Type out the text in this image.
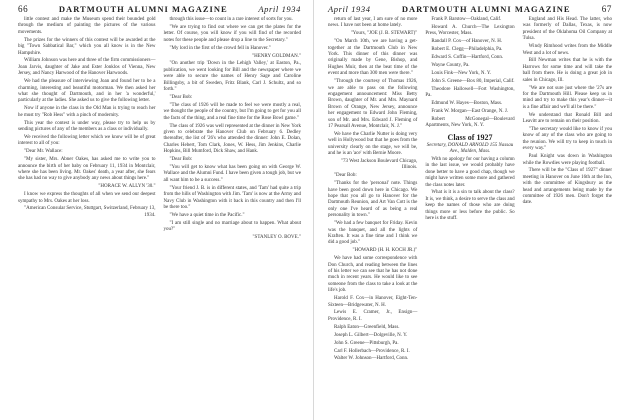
66	DARTMOUTH ALUMNI MAGAZINE	April 1934

little contest and make the Museum spend their bounded gold through the medium of painting the pictures of the various movements.

The prizes for the winners of this contest will be awarded at the big "Town Sabbatical Bar," which you all know is in the New Hampshire.

William Johnson was here and three of the firm commissioners—Joan Jarvis, daughter of Jake and Ester Jonklos of Vienna, New Jersey, and Nancy Harwood of the Hanover Harwoods.

We had the pleasure of interviewing Joan and found her to be a charming, interesting and beautiful motorman. We then asked her what she thought of Dartmouth, and in her 'a wonderful,' particularly at the ladies. She asked us to give the following letter.

Now if anyone in the class in the Old Man is trying to reach her he must try "Rob Hess" with a pinch of modernity.

This year the contest is under way, please try to help us by sending pictures of any of the members as a class or individually.

We received the following letter which we know will be of great interest to all of you:

"Dear Mr. Wallace:

"My sister, Mrs. Abner Oakes, has asked me to write you to announce the birth of her baby on February 11, 1934 in Montclair, where she has been living. Mr. Oakes' death, a year after, she fears she has had no way to give anybody any news about things here."

"HORACE W. ALLYN '30."

I know we express the thoughts of all when we send our deepest sympathy to Mrs. Oakes at her loss.

"American Consular Service, Stuttgart, Switzerland, February 13, 1934.

through this issue—to count in a rare interest of sorts for you.

"We are trying to find out where we can get the plates for the letter. Of course, you will know if you will find of the recorded notes for these people and please drop a line to the Secretary."

"My lord in the first of the crowd fell in Hanover."

"HENRY GOLDMAN."

"On another trip 'Down in the Lehigh Valley,' at Easton, Pa., publication, we went looking for Bill and the newspaper where we were able to secure the names of Henry Sage and Caroline Billingsby, a bit of Sweden, Fritz Blank, Carl J. Schultz, and so forth."

"Dear Bob:

"The class of 1926 will be made to feel we were mostly a real, we thought the people of the country, but I'm going to get for you all the facts of the thing, and a real fine time for the Rose Bowl game."

The class of 1926 was well represented at the dinner in New York given to celebrate the Hanover Club on February 6. Dedley thereafter, the list of '26's who attended the dinner: John E. Dolan, Charles Hebert, Tom Clark, Jones, W. Hess, Jim Jenkins, Charlie Hopkins, Bill Mumford, Dick Shaw, and Hank.

"Dear Bob:

"You will get to know what has been going on with George W. Wallace and the Alumni Fund. I have been given a tough job, but we all want him to be a success."

"Your friend J. B. is in different states, and 'Tam' had quite a trip from the hills of Washington with Jim. 'Tam' is now at the Army and Navy Club in Washington with it back in this country and then I'll be there too."

"We have a quiet time in the Pacific."

"I am still single and no marriage about to happen. What about you?"

"STANLEY O. BOVE."

April 1934	DARTMOUTH ALUMNI MAGAZINE	67

return of last year, I am sure of no more news. I have not been at home lately.

"Yours, "JOE (J. B. STEWART)"

"On March 10th, we are having a get-together at the Dartmouth Club in New York. This dinner of this dinner was originally made by Gene, Bishop, and Hughes Muir, then at the beat time of the event and more than 300 men were there."

"Through the courtesy of Thomas 1926, we are able to pass on the following engagement announcement: Miss Betty Brown, daughter of Mr. and Mrs. Maynard Brown of Orange, New Jersey, announce her engagement to Edward John Fleming, son of Mr. and Mrs. Edward J. Fleming of 17 Pearsall Avenue, Montclair, N. J."

We have the Charlie Nutter is doing very well in Hollywood but that he goes from the university clearly on the stage, we will be, and he is an 'ace' with Bernie Moore.

"73 West Jackson Boulevard Chicago, Illinois.

"Dear Bob:

"Thanks for the 'personal' note. Things have been good down here in Chicago. We hope that you all go to Hanover for the Dartmouth Reunion, and Art Van Cott is the only one I've heard of as being a real personality in town."

"We had a few banquet for Friday. Kevin was the banquet, and all the lights of Kraften. It was a fine time and I think we did a good job."

"HOWARD (H. H. KOCH JR.)"

We have had some correspondence with Don Church, and reading between the lines of his letter we can see that he has not done much in recent years. He would like to see someone from the class to take a look at the life's job.

Harold F. Cox—in Hanover, Eight-Ten-Sixteen—Bridgewater, N. H.

Lewis E. Cramer, Jr., Ensign—Providence, R. I.

Ralph Eaton—Greenfield, Mass.

Joseph L. Gilbert—Dolgeville, N. Y.

John S. Greene—Pittsburgh, Pa.

Carl F. Hollerbach—Providence, R. I.

Walter W. Johnson—Hartford, Conn.

Frank P. Barstow—Oakland, Calif.

Howard A. Church—The Lexington Press, Worcester, Mass.

Randall P. Cox—of Hanover, N. H.

Robert E. Clegg—Philadelphia, Pa.

Edward S. Coffin—Hartford, Conn.

Wayne County, Pa.

Louis Fink—New York, N. Y.

John S. Greene—Box 80, Imperial, Calif.

Theodore Hallowell—Fort Washington, Pa.

Edmund W. Hayes—Boston, Mass.

Frank W. Morgan—East Orange, N. J.

Robert McGonegal—Boulevard Apartments, New York, N. Y.

Class of 1927

Secretary, DONALD ARNOLD 155 Nassau Ave., Malden, Mass.

With no apology for our having a column in the last issue, we would probably have done better to have a good chap, though we might have written some more and gathered the class notes later.

What is it is a sin to talk about the class? It is, we think, a desire to serve the class and keep the names of those who are doing things more or less before the public. So here is the stuff.

England and His Head. The latter, who was formerly of Dallas, Texas, is now president of the Oklahoma Oil Company at Tulsa.

Windy Rimhood writes from the Middle West and a lot of news.

Bill Newman writes that he is with the Harrows for some time and will take the ball from there. He is doing a great job in sales in Chicago, Ill.

"We are not sure just where the '27s are for the Dartmouth Hill. Please keep us in mind and try to make this year's dinner—it is a fine affair and we'll all be there."

We understand that Ronald Bill and Leavitt are to remain on their position.

"The secretary would like to know if you know of any of the class who are going to the reunion. We will try to keep in touch in every way."

Paul Knight was down in Washington while the Rowdies were playing football.

There will be the "Class of 1927" dinner meeting in Hanover on June 16th at the Inn, with the committee of Kingsbury as the head and arrangements being made by the committee of 1926 men. Don't forget the date.
